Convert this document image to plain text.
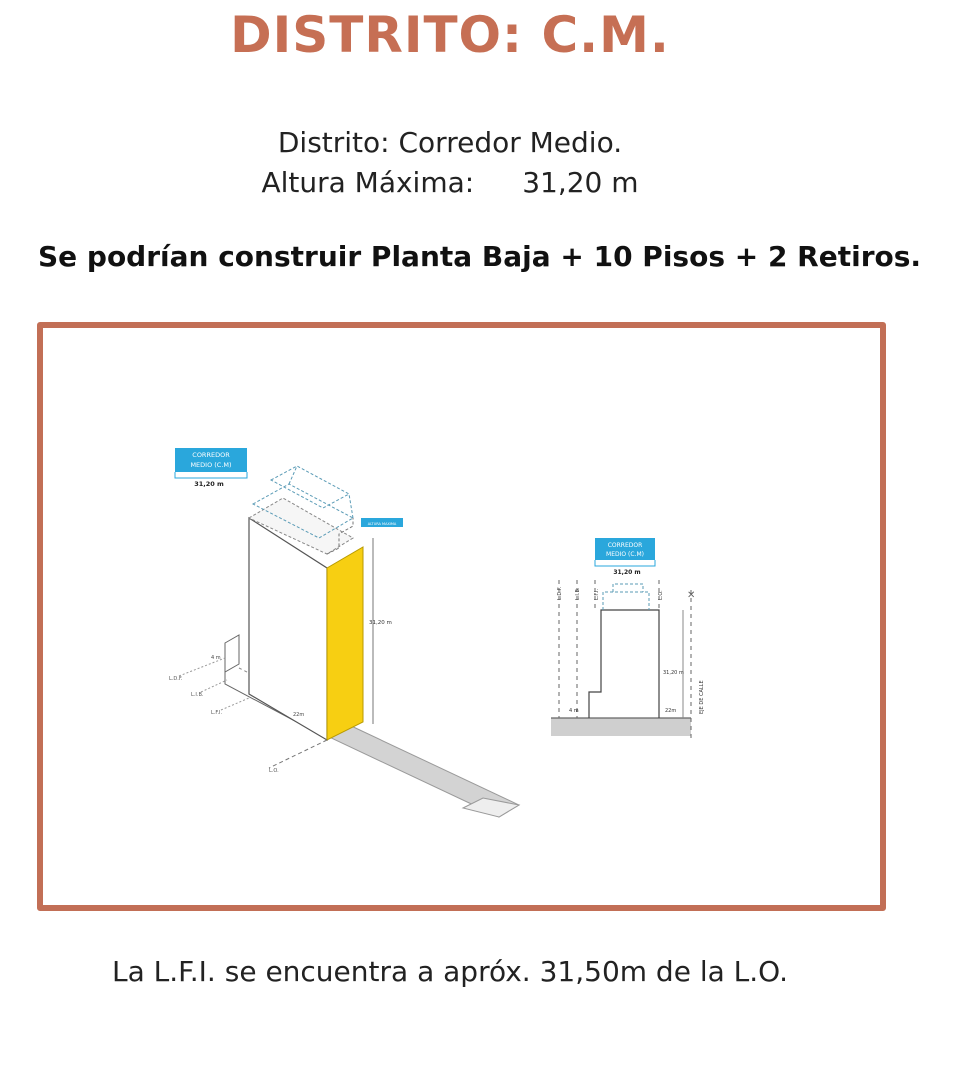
DISTRITO: C.M.
Distrito: Corredor Medio.
Altura Máxima: 31,20 m
Se podrían construir Planta Baja + 10 Pisos + 2 Retiros.
31,20 m
CORREDOR
MEDIO (C.M)
31,20 m
ALTURA MAXIMA
4 m
22m
L.D.F.
L.I.B.
L.F.I.
L.O.
✕
L.D.F. L.I.B.	L.F.I.	L.O.
EJE DE CALLE
31,20 m
4 m	22m
CORREDOR
MEDIO (C.M)
31,20 m
La L.F.I. se encuentra a apróx. 31,50m de la L.O.
